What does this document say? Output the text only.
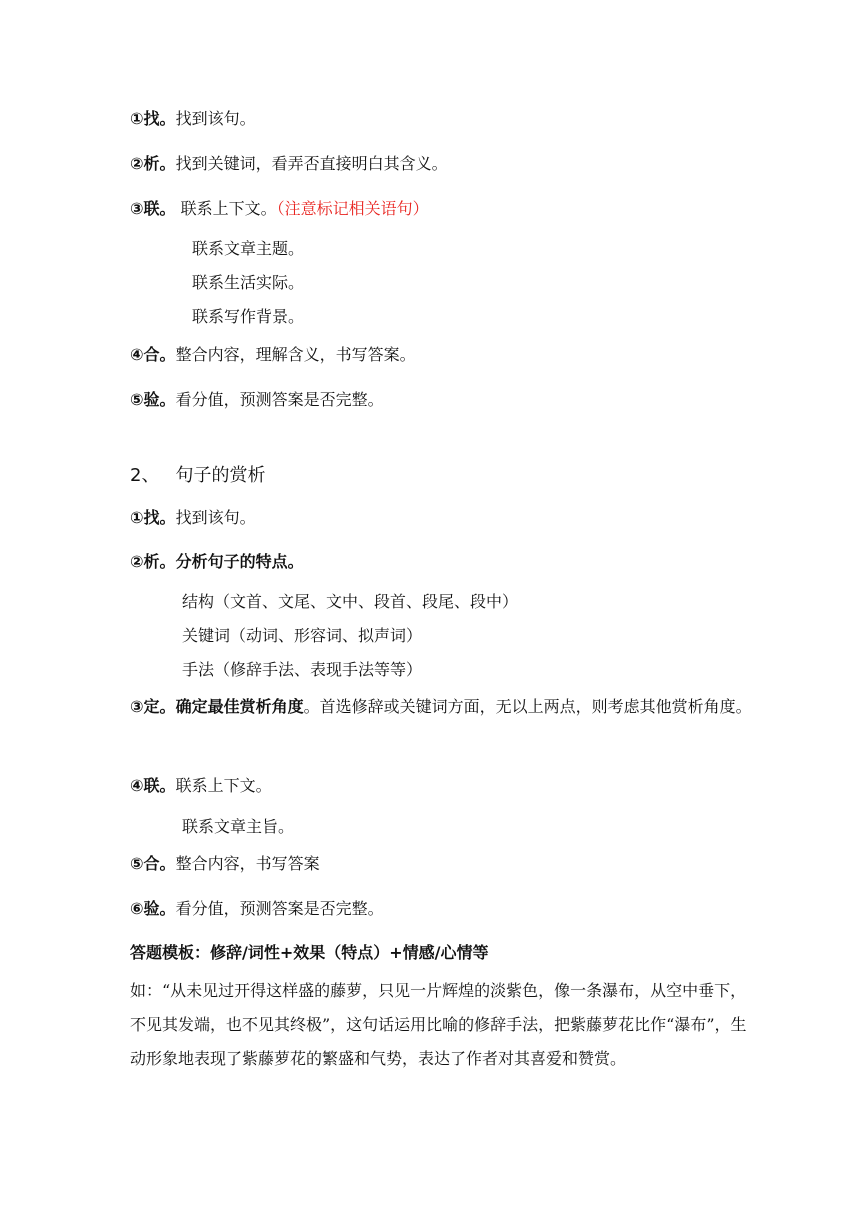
①找。找到该句。
②析。找到关键词，看弄否直接明白其含义。
③联。 联系上下文。（注意标记相关语句）
联系文章主题。
联系生活实际。
联系写作背景。
④合。整合内容，理解含义，书写答案。
⑤验。看分值，预测答案是否完整。
2、 句子的赏析
①找。找到该句。
②析。分析句子的特点。
结构（文首、文尾、文中、段首、段尾、段中）
关键词（动词、形容词、拟声词）
手法（修辞手法、表现手法等等）
③定。确定最佳赏析角度。首选修辞或关键词方面，无以上两点，则考虑其他赏析角度。
④联。联系上下文。
联系文章主旨。
⑤合。整合内容，书写答案
⑥验。看分值，预测答案是否完整。
答题模板：修辞/词性+效果（特点）+情感/心情等
如：“从未见过开得这样盛的藤萝，只见一片辉煌的淡紫色，像一条瀑布，从空中垂下，不见其发端，也不见其终极”，这句话运用比喻的修辞手法，把紫藤萝花比作“瀑布”，生动形象地表现了紫藤萝花的繁盛和气势，表达了作者对其喜爱和赞赏。
